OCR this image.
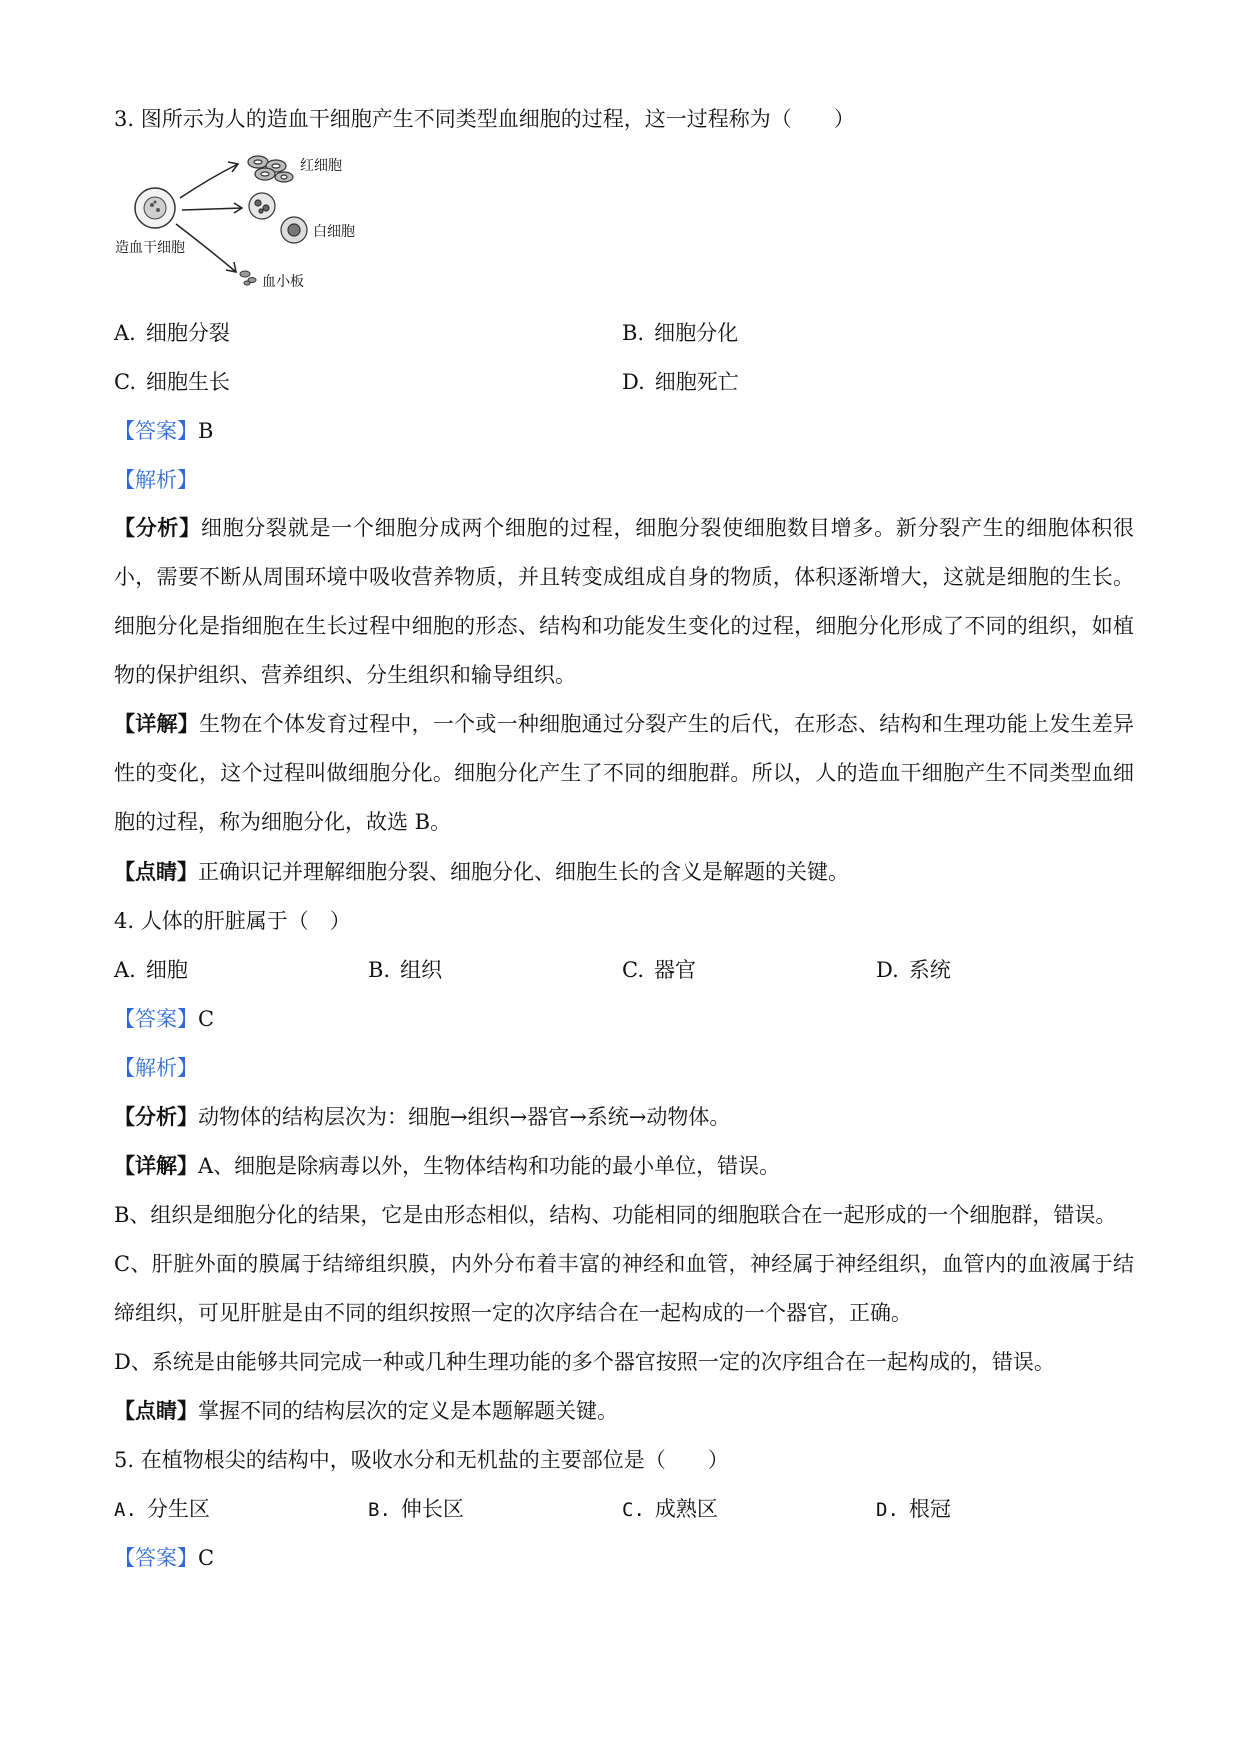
3. 图所示为人的造血干细胞产生不同类型血细胞的过程，这一过程称为（　　）
红细胞
白细胞
血小板
造血干细胞
A. 细胞分裂	B. 细胞分化
C. 细胞生长	D. 细胞死亡
【答案】B
【解析】
【分析】细胞分裂就是一个细胞分成两个细胞的过程，细胞分裂使细胞数目增多。新分裂产生的细胞体积很小，需要不断从周围环境中吸收营养物质，并且转变成组成自身的物质，体积逐渐增大，这就是细胞的生长。细胞分化是指细胞在生长过程中细胞的形态、结构和功能发生变化的过程，细胞分化形成了不同的组织，如植物的保护组织、营养组织、分生组织和输导组织。
【详解】生物在个体发育过程中，一个或一种细胞通过分裂产生的后代，在形态、结构和生理功能上发生差异性的变化，这个过程叫做细胞分化。细胞分化产生了不同的细胞群。所以，人的造血干细胞产生不同类型血细胞的过程，称为细胞分化，故选 B。
【点睛】正确识记并理解细胞分裂、细胞分化、细胞生长的含义是解题的关键。
4. 人体的肝脏属于（　）
A. 细胞	B. 组织	C. 器官	D. 系统
【答案】C
【解析】
【分析】动物体的结构层次为：细胞→组织→器官→系统→动物体。
【详解】A、细胞是除病毒以外，生物体结构和功能的最小单位，错误。
B、组织是细胞分化的结果，它是由形态相似，结构、功能相同的细胞联合在一起形成的一个细胞群，错误。
C、肝脏外面的膜属于结缔组织膜，内外分布着丰富的神经和血管，神经属于神经组织，血管内的血液属于结缔组织，可见肝脏是由不同的组织按照一定的次序结合在一起构成的一个器官，正确。
D、系统是由能够共同完成一种或几种生理功能的多个器官按照一定的次序组合在一起构成的，错误。
【点睛】掌握不同的结构层次的定义是本题解题关键。
5. 在植物根尖的结构中，吸收水分和无机盐的主要部位是（　　）
A. 分生区	B. 伸长区	C. 成熟区	D. 根冠
【答案】C
